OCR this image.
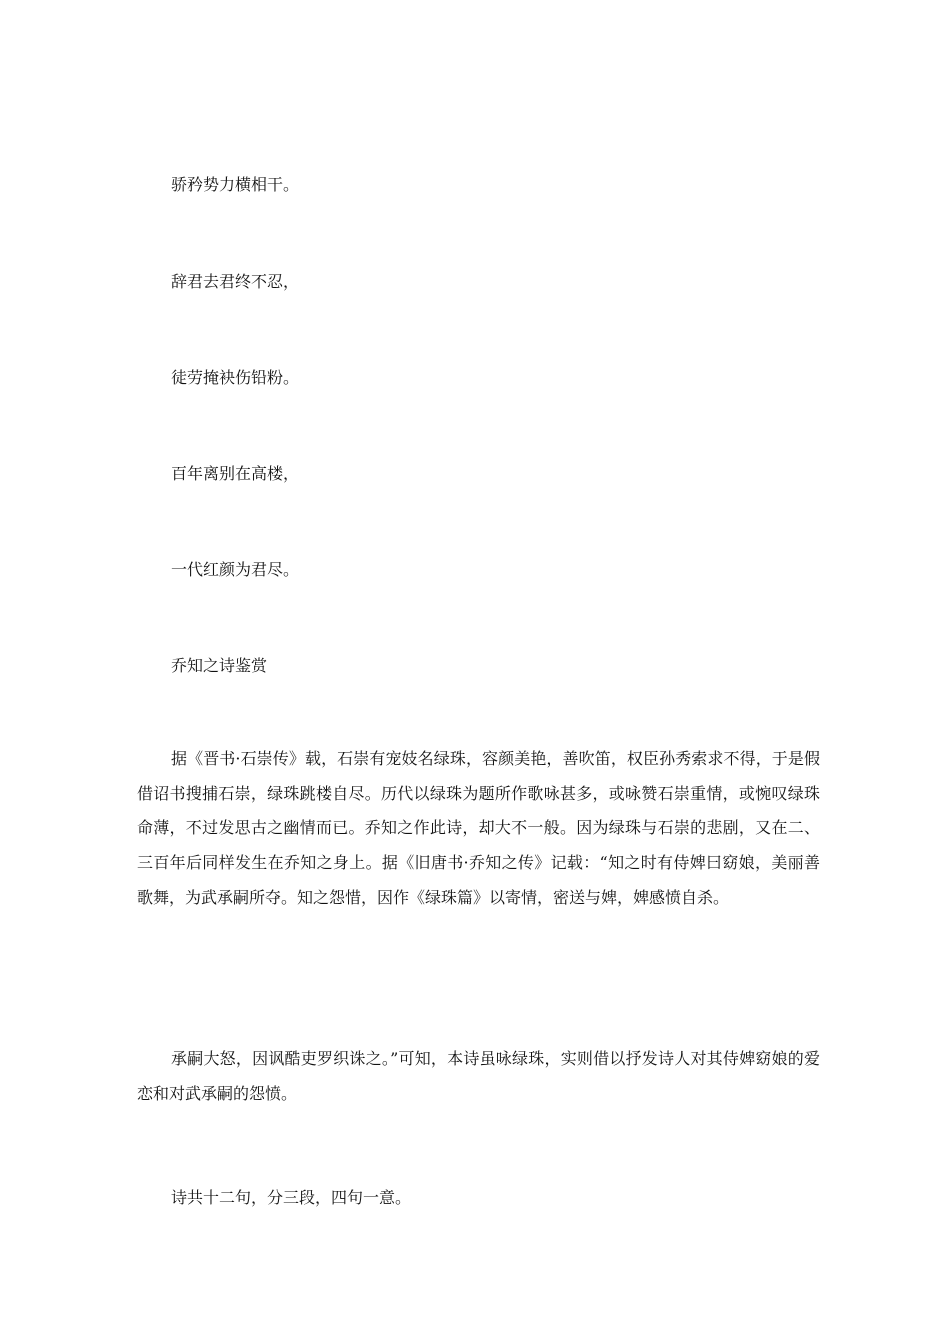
骄矜势力横相干。

辞君去君终不忍，

徒劳掩袂伤铅粉。

百年离别在高楼，

一代红颜为君尽。

乔知之诗鉴赏

据《晋书·石崇传》载，石崇有宠妓名绿珠，容颜美艳，善吹笛，权臣孙秀索求不得，于是假借诏书搜捕石崇，绿珠跳楼自尽。历代以绿珠为题所作歌咏甚多，或咏赞石崇重情，或惋叹绿珠命薄，不过发思古之幽情而已。乔知之作此诗，却大不一般。因为绿珠与石崇的悲剧，又在二、三百年后同样发生在乔知之身上。据《旧唐书·乔知之传》记载：“知之时有侍婢曰窈娘，美丽善歌舞，为武承嗣所夺。知之怨惜，因作《绿珠篇》以寄情，密送与婢，婢感愤自杀。

承嗣大怒，因讽酷吏罗织诛之。”可知，本诗虽咏绿珠，实则借以抒发诗人对其侍婢窈娘的爱恋和对武承嗣的怨愤。

诗共十二句，分三段，四句一意。
